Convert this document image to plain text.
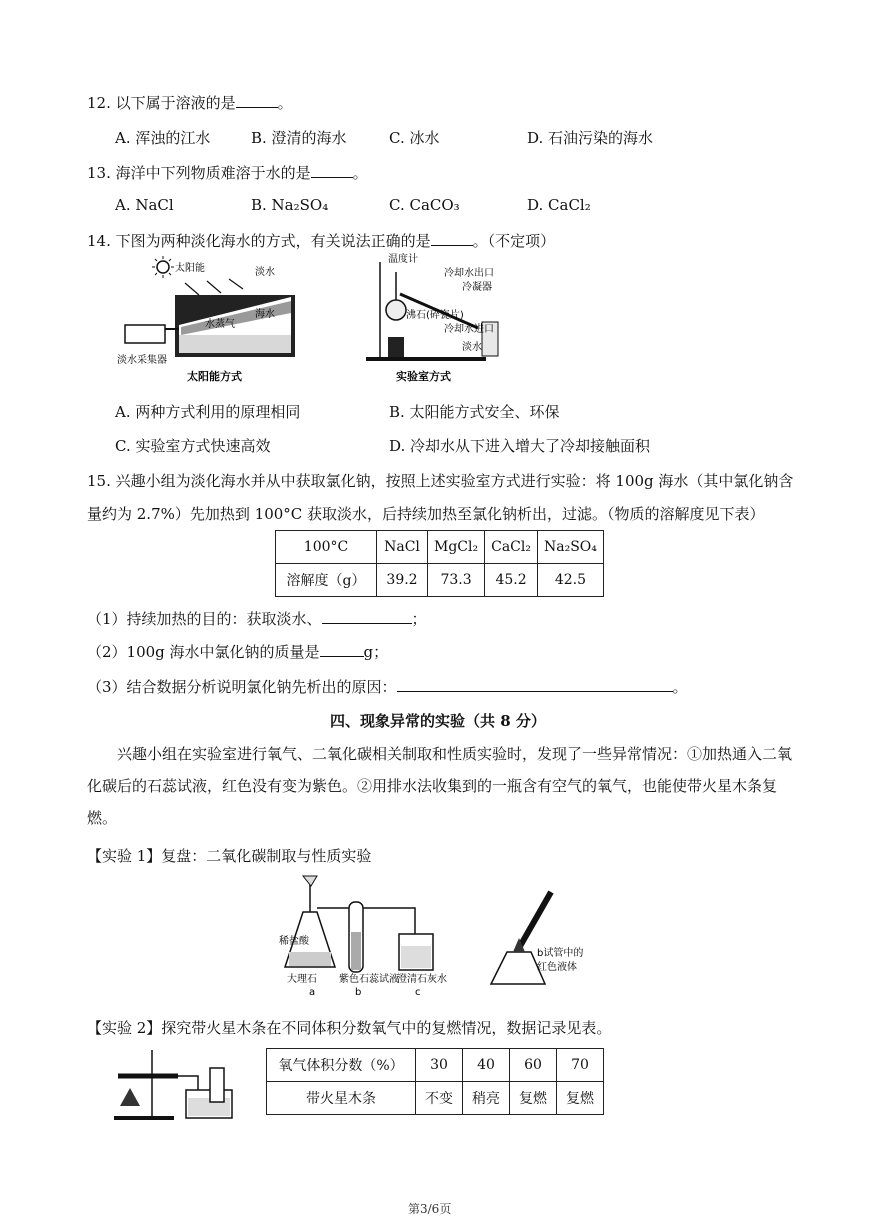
12. 以下属于溶液的是	。
A. 浑浊的江水	B. 澄清的海水	C. 冰水	D. 石油污染的海水
13. 海洋中下列物质难溶于水的是	。
A. NaCl	B. Na₂SO₄	C. CaCO₃	D. CaCl₂
14. 下图为两种淡化海水的方式，有关说法正确的是	。（不定项）
太阳能	淡水
水蒸气
海水
淡水采集器
太阳能方式
温度计
冷却水出口
冷凝器
沸石(碎瓷片)
冷却水进口
淡水
实验室方式
A. 两种方式利用的原理相同	B. 太阳能方式安全、环保
C. 实验室方式快速高效	D. 冷却水从下进入增大了冷却接触面积
15. 兴趣小组为淡化海水并从中获取氯化钠，按照上述实验室方式进行实验：将 100g 海水（其中氯化钠含
量约为 2.7%）先加热到 100°C 获取淡水，后持续加热至氯化钠析出，过滤。（物质的溶解度见下表）
100°C	NaCl	MgCl₂	CaCl₂	Na₂SO₄
溶解度（g）	39.2	73.3	45.2	42.5
（1）持续加热的目的：获取淡水、	；
（2）100g 海水中氯化钠的质量是	g；
（3）结合数据分析说明氯化钠先析出的原因：	。
四、现象异常的实验（共 8 分）
兴趣小组在实验室进行氧气、二氧化碳相关制取和性质实验时，发现了一些异常情况：①加热通入二氧化碳后的石蕊试液，红色没有变为紫色。②用排水法收集到的一瓶含有空气的氧气，也能使带火星木条复燃。
【实验 1】复盘：二氧化碳制取与性质实验
稀盐酸
大理石 紫色石蕊试液
澄清石灰水
b试管中的
红色液体
a	b	c
【实验 2】探究带火星木条在不同体积分数氧气中的复燃情况，数据记录见表。
氧气体积分数（%）	30	40	60	70
带火星木条	不变	稍亮	复燃	复燃
第3/6页
